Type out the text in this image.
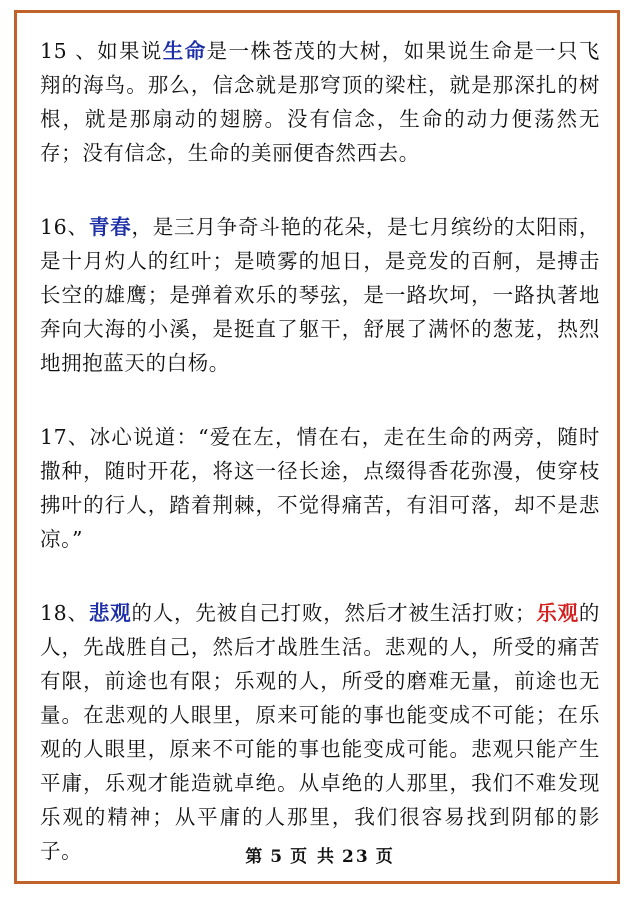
15 、如果说生命是一株苍茂的大树，如果说生命是一只飞翔的海鸟。那么，信念就是那穹顶的梁柱，就是那深扎的树根，就是那扇动的翅膀。没有信念，生命的动力便荡然无存；没有信念，生命的美丽便杳然西去。

16、青春，是三月争奇斗艳的花朵，是七月缤纷的太阳雨，是十月灼人的红叶；是喷雾的旭日，是竞发的百舸，是搏击长空的雄鹰；是弹着欢乐的琴弦，是一路坎坷，一路执著地奔向大海的小溪，是挺直了躯干，舒展了满怀的葱茏，热烈地拥抱蓝天的白杨。

17、冰心说道：“爱在左，情在右，走在生命的两旁，随时撒种，随时开花，将这一径长途，点缀得香花弥漫，使穿枝拂叶的行人，踏着荆棘，不觉得痛苦，有泪可落，却不是悲凉。”

18、悲观的人，先被自己打败，然后才被生活打败；乐观的人，先战胜自己，然后才战胜生活。悲观的人，所受的痛苦有限，前途也有限；乐观的人，所受的磨难无量，前途也无量。在悲观的人眼里，原来可能的事也能变成不可能；在乐观的人眼里，原来不可能的事也能变成可能。悲观只能产生平庸，乐观才能造就卓绝。从卓绝的人那里，我们不难发现乐观的精神；从平庸的人那里，我们很容易找到阴郁的影子。	第 5 页 共 23 页
